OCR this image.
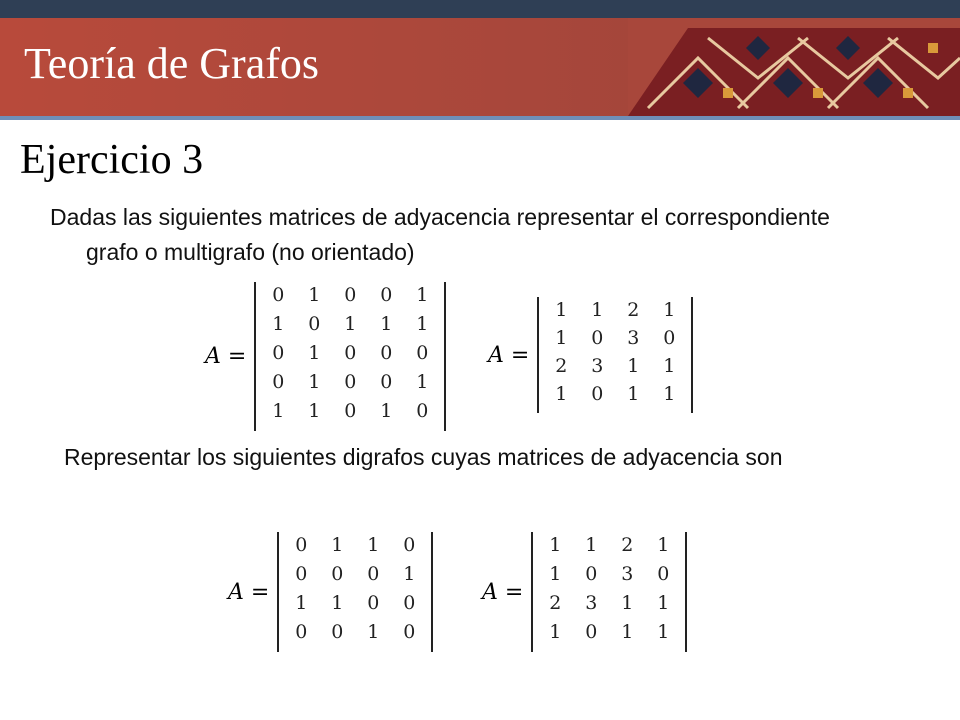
Teoría de Grafos
Ejercicio 3

Dadas las siguientes matrices de adyacencia representar el correspondiente grafo o multigrafo (no orientado)

A =
0	1	0	0	1
1	0	1	1	1
0	1	0	0	0
0	1	0	0	1
1	1	0	1	0
A =
1	1	2	1
1	0	3	0
2	3	1	1
1	0	1	1

Representar los siguientes digrafos cuyas matrices de adyacencia son

A =
0	1	1	0
0	0	0	1
1	1	0	0
0	0	1	0
A =
1	1	2	1
1	0	3	0
2	3	1	1
1	0	1	1
